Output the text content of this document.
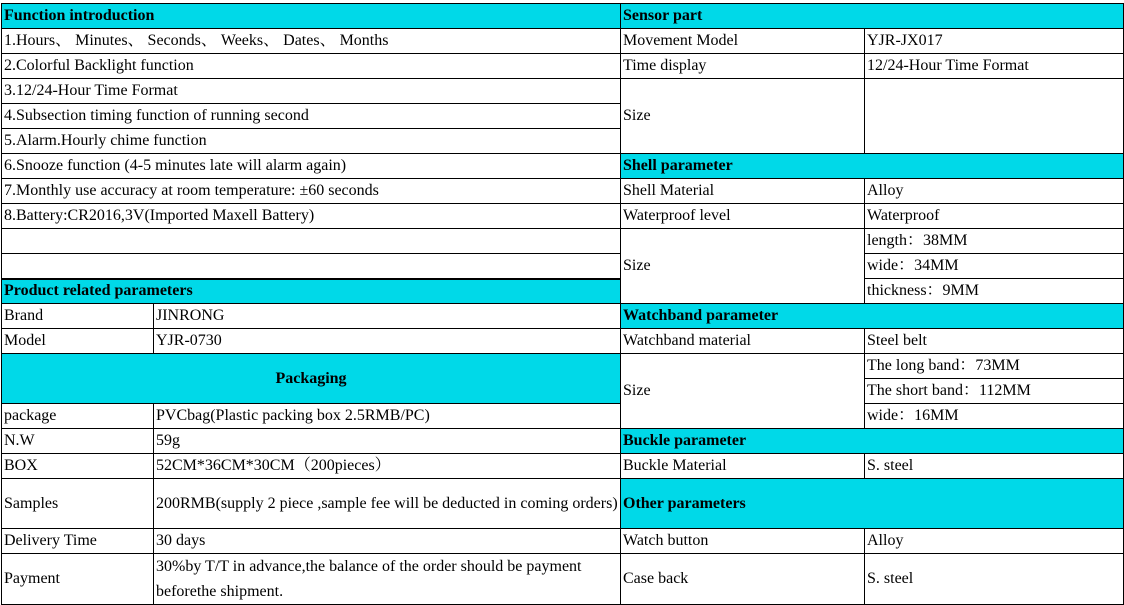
Function introduction		Sensor part	
1.Hours、 Minutes、 Seconds、 Weeks、 Dates、 Months		Movement Model	YJR-JX017
2.Colorful Backlight function		Time display	12/24-Hour Time Format
3.12/24-Hour Time Format		Size	
4.Subsection timing function of running second			
5.Alarm.Hourly chime function			
6.Snooze function (4-5 minutes late will alarm again)		Shell parameter	
7.Monthly use accuracy at room temperature: ±60 seconds		Shell Material	Alloy
8.Battery:CR2016,3V(Imported Maxell Battery)		Waterproof level	Waterproof
		Size	length：38MM
			wide：34MM
Product related parameters			thickness：9MM
Brand	JINRONG	Watchband parameter	
Model	YJR-0730	Watchband material	Steel belt
Packaging		Size	The long band：73MM
			The short band：112MM
package	PVCbag(Plastic packing box 2.5RMB/PC)		wide：16MM
N.W	59g	Buckle parameter	
BOX	52CM*36CM*30CM（200pieces）	Buckle Material	S. steel
Samples	200RMB(supply 2 piece ,sample fee will be deducted in coming orders)	Other parameters	

Delivery Time	30 days	Watch button	Alloy
Payment	30%by T/T in advance,the balance of the order should be payment beforethe shipment.	Case back	S. steel
